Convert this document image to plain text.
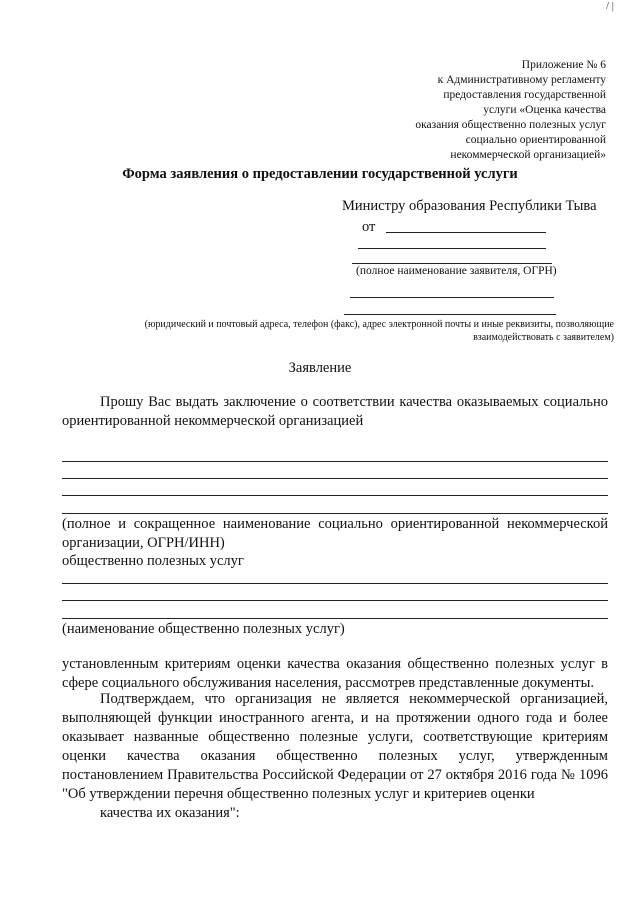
/ |
Приложение № 6
к Административному регламенту
предоставления государственной
услуги «Оценка качества
оказания общественно полезных услуг
социально ориентированной
некоммерческой организацией»
Форма заявления о предоставлении государственной услуги
Министру образования Республики Тыва
от
(полное наименование заявителя, ОГРН)
(юридический и почтовый адреса, телефон (факс), адрес электронной почты и иные реквизиты, позволяющие взаимодействовать с заявителем)
Заявление
Прошу Вас выдать заключение о соответствии качества оказываемых социально ориентированной некоммерческой организацией
(полное и сокращенное наименование социально ориентированной некоммерческой организации, ОГРН/ИНН)
общественно полезных услуг
(наименование общественно полезных услуг)
установленным критериям оценки качества оказания общественно полезных услуг в сфере социального обслуживания населения, рассмотрев представленные документы.
Подтверждаем, что организация не является некоммерческой организацией, выполняющей функции иностранного агента, и на протяжении одного года и более оказывает названные общественно полезные услуги, соответствующие критериям оценки качества оказания общественно полезных услуг, утвержденным постановлением Правительства Российской Федерации от 27 октября 2016 года № 1096 "Об утверждении перечня общественно полезных услуг и критериев оценки
качества их оказания":
